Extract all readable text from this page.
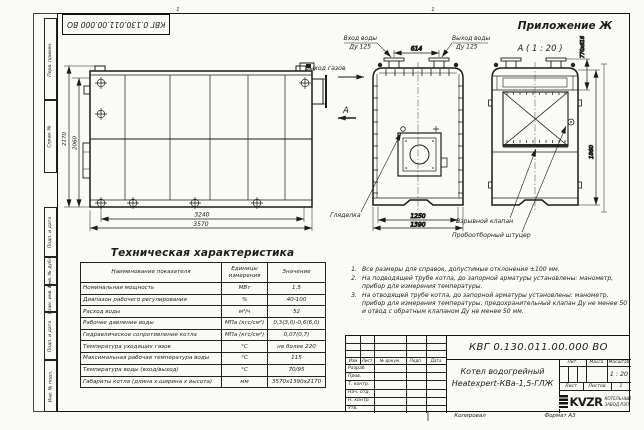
Перв. примен.
Справ. №
Подп. и дата
Инв. № дубл.
Взам. инв. №
Подп. и дата
Инв. № подл.
КВГ 0.130.011.00.000 ВО	Приложение Ж
А ( 1 : 20 )
1	1
2170 2060
3240
3570
Выход газов
А
614
1250
1390
Вход воды
Ду 125
Выход воды
Ду 125
Гляделка
770х616
1860
Взрывной клапан
Пробоотборный штуцер
Техническая характеристика
Наименование показателя	Единицы измерения	Значение
Номинальная мощность	МВт	1,5
Диапазон рабочего регулирования	%	40-100
Расход воды	м³/ч	52
Рабочее давление воды	МПа (кгс/см²)	0,3(3,0)-0,6(6,0)
Гидравлическое сопротивление котла	МПа (кгс/см²)	0,07(0,7)
Температура уходящих газов	°С	не более 220
Максимальная рабочая температура воды	°С	115
Температура воды (вход/выход)	°С	70/95
Габариты котла (длина х ширина х высота)	мм	3570х1390х2170
1. Все размеры для справок, допустимые отклонения ±100 мм.
2. На подводящей трубе котла, до запорной арматуры установлены: манометр, прибор для измерения температуры.
3. На отводящей трубе котла, до запорной арматуры установлены: манометр, прибор для измерения температуры, предохранительный клапан Ду не менее 50 и отвод с обратным клапаном Ду не менее 50 мм.
Изм	Лист	№ докум.	Подп.	Дата
Разраб.
Пров.
Т. контр.
Нач. отд.
Н. контр.
Утв.
КВГ 0.130.011.00.000 ВО
Котел водогрейный
Heatexpert-КВа-1,5-ГЛЖ
Лит.	Масса	Масштаб
1 : 20
Лист	Листов	1
KVZR КОТЕЛЬНЫЙ
ЗАВОД РЭП
Копировал	Формат А3
